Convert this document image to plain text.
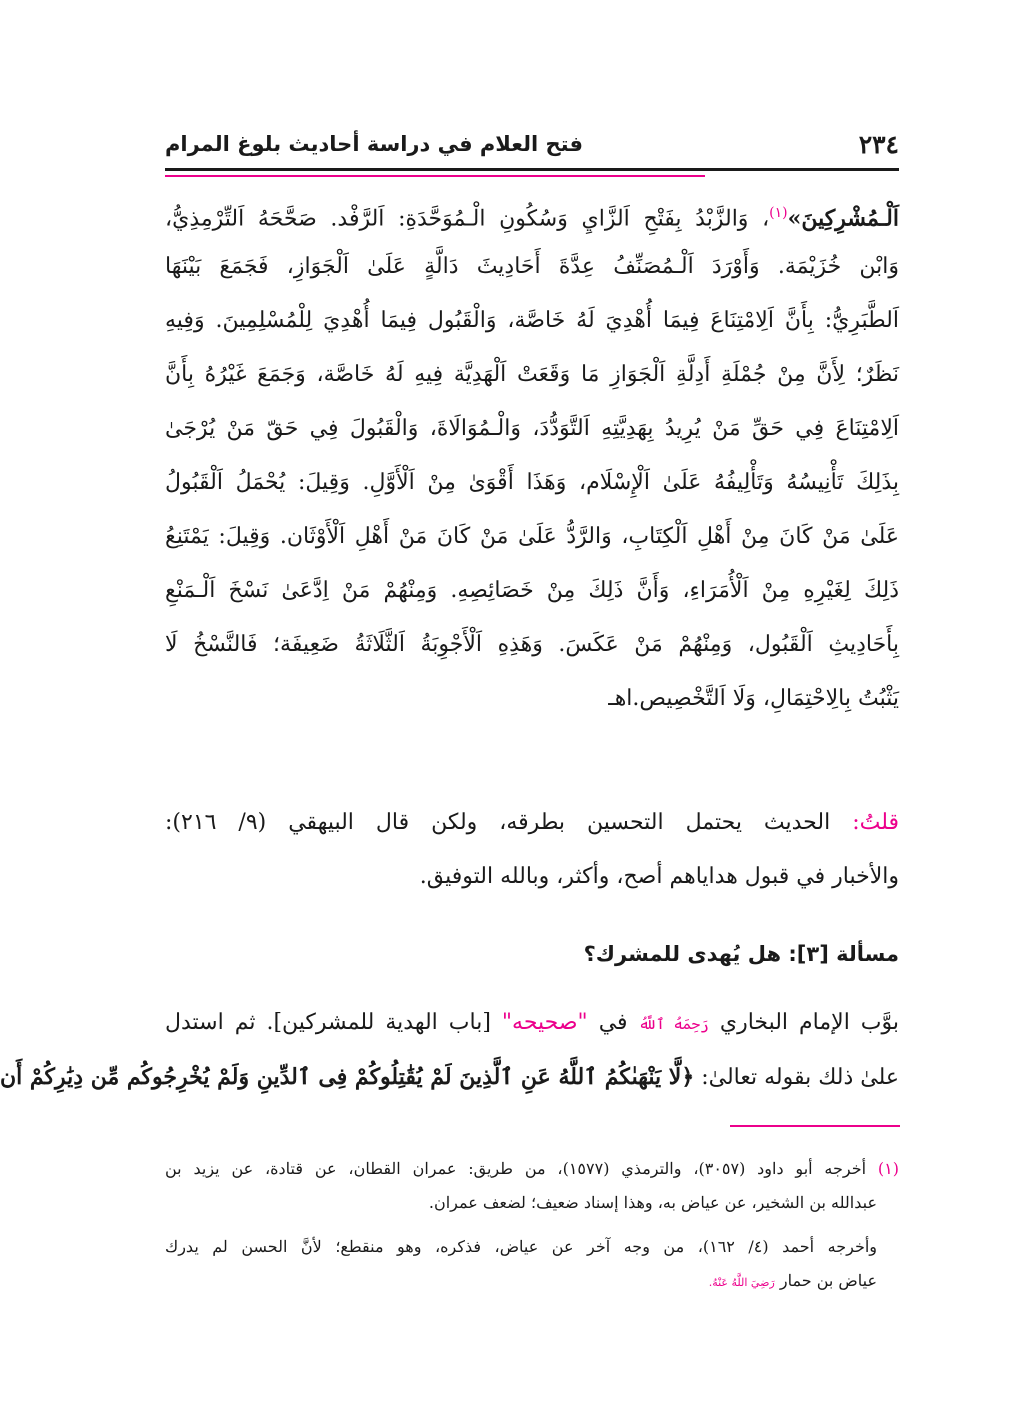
٢٣٤
فتح العلام في دراسة أحاديث بلوغ المرام
اَلْـمُشْرِكِينَ»$^{(١)}$، وَالزَّبْدُ بِفَتْحِ اَلزَّايِ وَسُكُونِ الْـمُوَحَّدَةِ: اَلرَّفْد. صَحَّحَهُ اَلتِّرْمِذِيُّ،
وَابْن خُزَيْمَة. وَأَوْرَدَ اَلْـمُصَنِّفُ عِدَّةَ أَحَادِيثَ دَالَّةٍ عَلَىٰ اَلْجَوَازِ، فَجَمَعَ بَيْنَهَا
اَلطَّبَرِيُّ: بِأَنَّ اَلِامْتِنَاعَ فِيمَا أُهْدِيَ لَهُ خَاصَّة، وَالْقَبُول فِيمَا أُهْدِيَ لِلْمُسْلِمِينَ. وَفِيهِ
نَظَرٌ؛ لِأَنَّ مِنْ جُمْلَةِ أَدِلَّةِ اَلْجَوَازِ مَا وَقَعَتْ اَلْهَدِيَّة فِيهِ لَهُ خَاصَّة، وَجَمَعَ غَيْرُهُ بِأَنَّ
اَلِامْتِنَاعَ فِي حَقِّ مَنْ يُرِيدُ بِهَدِيَّتِهِ اَلتَّوَدُّدَ، وَالْـمُوَالَاةَ، وَالْقَبُولَ فِي حَقّ مَنْ يُرْجَىٰ
بِذَلِكَ تَأْنِيسُهُ وَتَأْلِيفُهُ عَلَىٰ اَلْإِسْلَام، وَهَذَا أَقْوَىٰ مِنْ اَلْأَوَّلِ. وَقِيلَ: يُحْمَلُ اَلْقَبُولُ
عَلَىٰ مَنْ كَانَ مِنْ أَهْلِ اَلْكِتَابِ، وَالرَّدُّ عَلَىٰ مَنْ كَانَ مَنْ أَهْلِ اَلْأَوْثَان. وَقِيلَ: يَمْتَنِعُ
ذَلِكَ لِغَيْرِهِ مِنْ اَلْأُمَرَاءِ، وَأَنَّ ذَلِكَ مِنْ خَصَائِصِهِ. وَمِنْهُمْ مَنْ اِدَّعَىٰ نَسْخَ اَلْـمَنْعِ
بِأَحَادِيثِ اَلْقَبُول، وَمِنْهُمْ مَنْ عَكَسَ. وَهَذِهِ اَلْأَجْوِبَةُ اَلثَّلَاثَةُ ضَعِيفَة؛ فَالنَّسْخُ لَا
يَثْبُتُ بِالِاحْتِمَالِ، وَلَا اَلتَّخْصِيص.اهـ
قلتُ: الحديث يحتمل التحسين بطرقه، ولكن قال البيهقي (٩/ ٢١٦):
والأخبار في قبول هداياهم أصح، وأكثر، وبالله التوفيق.
مسألة [٣]: هل يُهدى للمشرك؟
بوَّب الإمام البخاري رَحِمَهُ ٱللَّهُ في "صحيحه" [باب الهدية للمشركين]. ثم استدل
علىٰ ذلك بقوله تعالىٰ: ﴿لَّا يَنْهَىٰكُمُ ٱللَّهُ عَنِ ٱلَّذِينَ لَمْ يُقَٰتِلُوكُمْ فِى ٱلدِّينِ وَلَمْ يُخْرِجُوكُم مِّن دِيَٰرِكُمْ أَن
(١) أخرجه أبو داود (٣٠٥٧)، والترمذي (١٥٧٧)، من طريق: عمران القطان، عن قتادة، عن يزيد بن
عبدالله بن الشخير، عن عياض به، وهذا إسناد ضعيف؛ لضعف عمران.
وأخرجه أحمد (٤/ ١٦٢)، من وجه آخر عن عياض، فذكره، وهو منقطع؛ لأنَّ الحسن لم يدرك
عياض بن حمار رَضِيَ اللَّهُ عَنْهُ.
